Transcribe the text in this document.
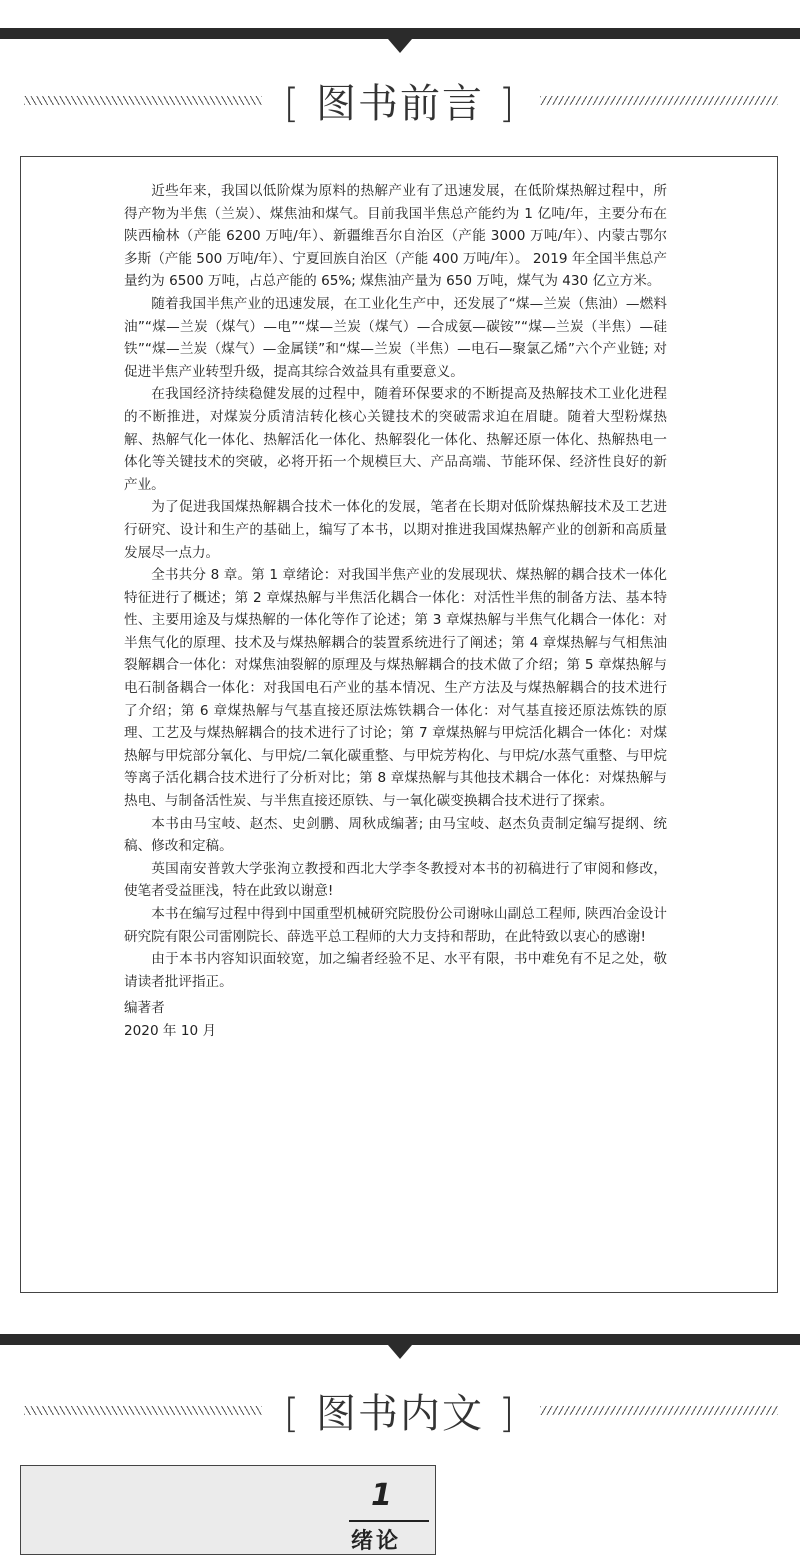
[ 图书前言 ]

近些年来，我国以低阶煤为原料的热解产业有了迅速发展，在低阶煤热解过程中，所得产物为半焦（兰炭）、煤焦油和煤气。目前我国半焦总产能约为 1 亿吨/年，主要分布在陕西榆林（产能 6200 万吨/年）、新疆维吾尔自治区（产能 3000 万吨/年）、内蒙古鄂尔多斯（产能 500 万吨/年）、宁夏回族自治区（产能 400 万吨/年）。 2019 年全国半焦总产量约为 6500 万吨，占总产能的 65%; 煤焦油产量为 650 万吨，煤气为 430 亿立方米。

随着我国半焦产业的迅速发展，在工业化生产中，还发展了“煤—兰炭（焦油）—燃料油”“煤—兰炭（煤气）—电”“煤—兰炭（煤气）—合成氨—碳铵”“煤—兰炭（半焦）—硅铁”“煤—兰炭（煤气）—金属镁”和“煤—兰炭（半焦）—电石—聚氯乙烯”六个产业链; 对促进半焦产业转型升级，提高其综合效益具有重要意义。

在我国经济持续稳健发展的过程中，随着环保要求的不断提高及热解技术工业化进程的不断推进，对煤炭分质清洁转化核心关键技术的突破需求迫在眉睫。随着大型粉煤热解、热解气化一体化、热解活化一体化、热解裂化一体化、热解还原一体化、热解热电一体化等关键技术的突破，必将开拓一个规模巨大、产品高端、节能环保、经济性良好的新产业。

为了促进我国煤热解耦合技术一体化的发展，笔者在长期对低阶煤热解技术及工艺进行研究、设计和生产的基础上，编写了本书，以期对推进我国煤热解产业的创新和高质量发展尽一点力。

全书共分 8 章。第 1 章绪论：对我国半焦产业的发展现状、煤热解的耦合技术一体化特征进行了概述；第 2 章煤热解与半焦活化耦合一体化：对活性半焦的制备方法、基本特性、主要用途及与煤热解的一体化等作了论述；第 3 章煤热解与半焦气化耦合一体化：对半焦气化的原理、技术及与煤热解耦合的装置系统进行了阐述；第 4 章煤热解与气相焦油裂解耦合一体化：对煤焦油裂解的原理及与煤热解耦合的技术做了介绍；第 5 章煤热解与电石制备耦合一体化：对我国电石产业的基本情况、生产方法及与煤热解耦合的技术进行了介绍；第 6 章煤热解与气基直接还原法炼铁耦合一体化：对气基直接还原法炼铁的原理、工艺及与煤热解耦合的技术进行了讨论；第 7 章煤热解与甲烷活化耦合一体化：对煤热解与甲烷部分氧化、与甲烷/二氧化碳重整、与甲烷芳构化、与甲烷/水蒸气重整、与甲烷等离子活化耦合技术进行了分析对比；第 8 章煤热解与其他技术耦合一体化：对煤热解与热电、与制备活性炭、与半焦直接还原铁、与一氧化碳变换耦合技术进行了探索。

本书由马宝岐、赵杰、史剑鹏、周秋成编著; 由马宝岐、赵杰负责制定编写提纲、统稿、修改和定稿。

英国南安普敦大学张洵立教授和西北大学李冬教授对本书的初稿进行了审阅和修改，使笔者受益匪浅，特在此致以谢意!

本书在编写过程中得到中国重型机械研究院股份公司谢咏山副总工程师, 陕西冶金设计研究院有限公司雷刚院长、薛选平总工程师的大力支持和帮助，在此特致以衷心的感谢!

由于本书内容知识面较宽，加之编者经验不足、水平有限，书中难免有不足之处，敬请读者批评指正。

编著者

2020 年 10 月

[ 图书内文 ]
1
绪论
